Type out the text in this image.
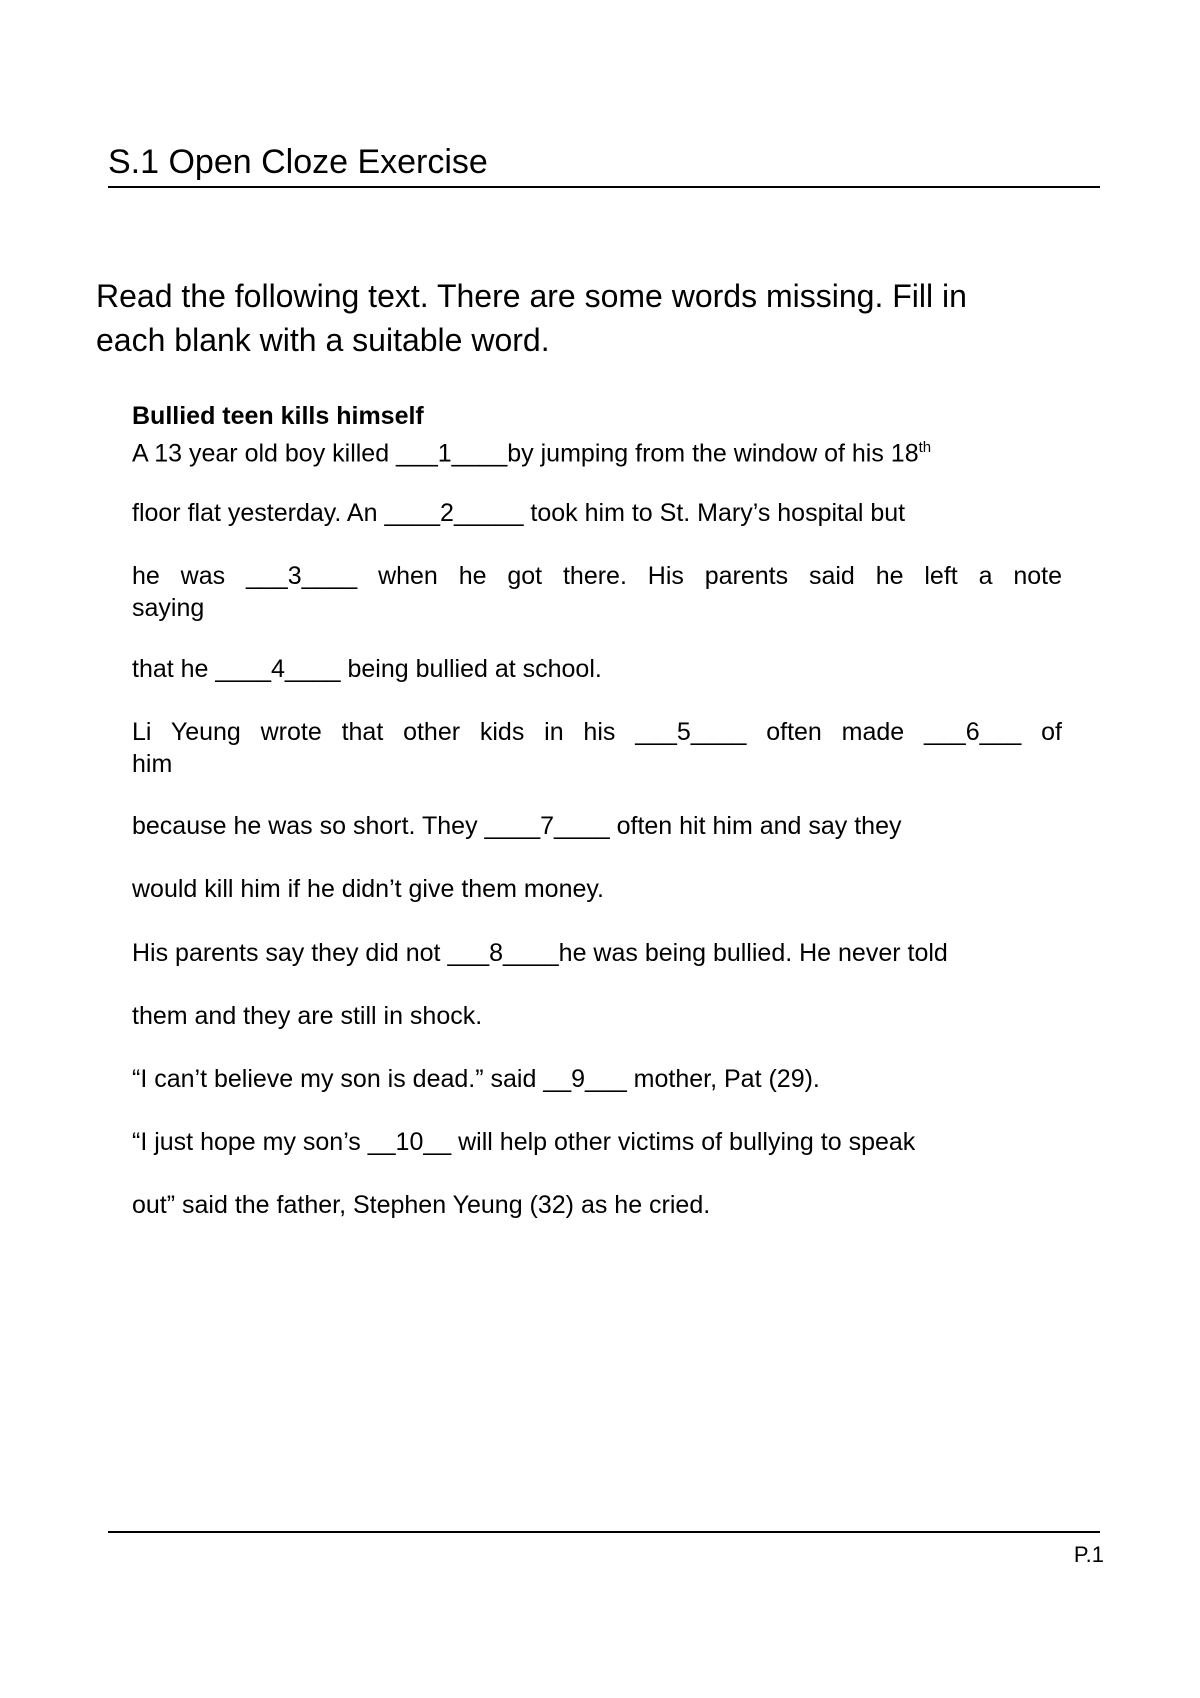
S.1 Open Cloze Exercise

Read the following text. There are some words missing. Fill in

each blank with a suitable word.

Bullied teen kills himself
A 13 year old boy killed ___1____by jumping from the window of his 18th
floor flat yesterday. An ____2_____ took him to St. Mary’s hospital but
he was ___3____ when he got there. His parents said he left a note
saying
that he ____4____ being bullied at school.
Li Yeung wrote that other kids in his ___5____ often made ___6___ of
him
because he was so short. They ____7____ often hit him and say they
would kill him if he didn’t give them money.
His parents say they did not ___8____he was being bullied. He never told
them and they are still in shock.
“I can’t believe my son is dead.” said __9___ mother, Pat (29).
“I just hope my son’s __10__ will help other victims of bullying to speak
out” said the father, Stephen Yeung (32) as he cried.
P.1
